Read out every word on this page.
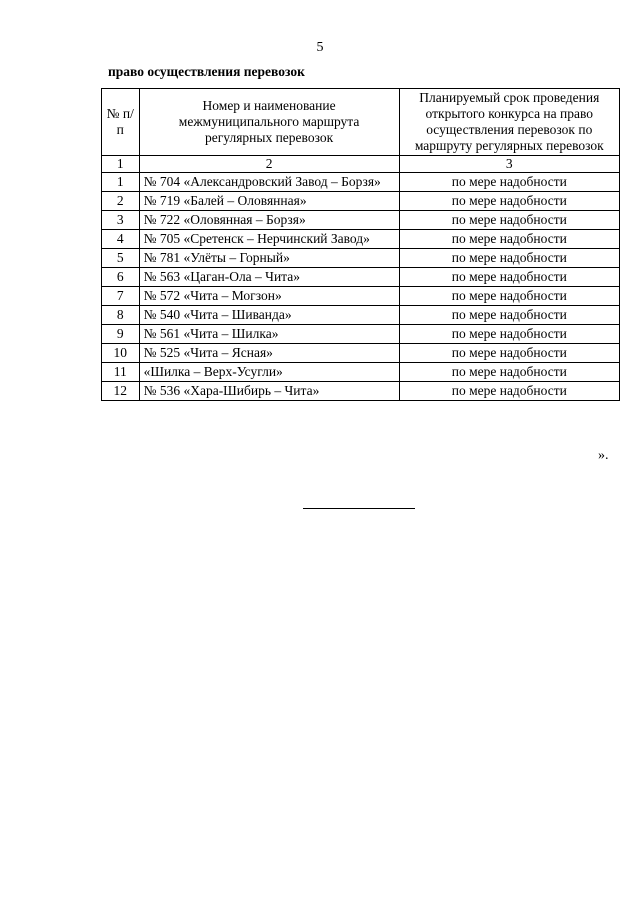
5
право осуществления перевозок
№ п/п	Номер и наименование межмуниципального маршрута регулярных перевозок	Планируемый срок проведения открытого конкурса на право осуществления перевозок по маршруту регулярных перевозок
1	2	3
1	№ 704 «Александровский Завод – Борзя»	по мере надобности
2	№ 719 «Балей – Оловянная»	по мере надобности
3	№ 722 «Оловянная – Борзя»	по мере надобности
4	№ 705 «Сретенск – Нерчинский Завод»	по мере надобности
5	№ 781 «Улёты – Горный»	по мере надобности
6	№ 563 «Цаган-Ола – Чита»	по мере надобности
7	№ 572 «Чита – Могзон»	по мере надобности
8	№ 540 «Чита – Шиванда»	по мере надобности
9	№ 561 «Чита – Шилка»	по мере надобности
10	№ 525 «Чита – Ясная»	по мере надобности
11	«Шилка – Верх-Усугли»	по мере надобности
12	№ 536 «Хара-Шибирь – Чита»	по мере надобности
».
